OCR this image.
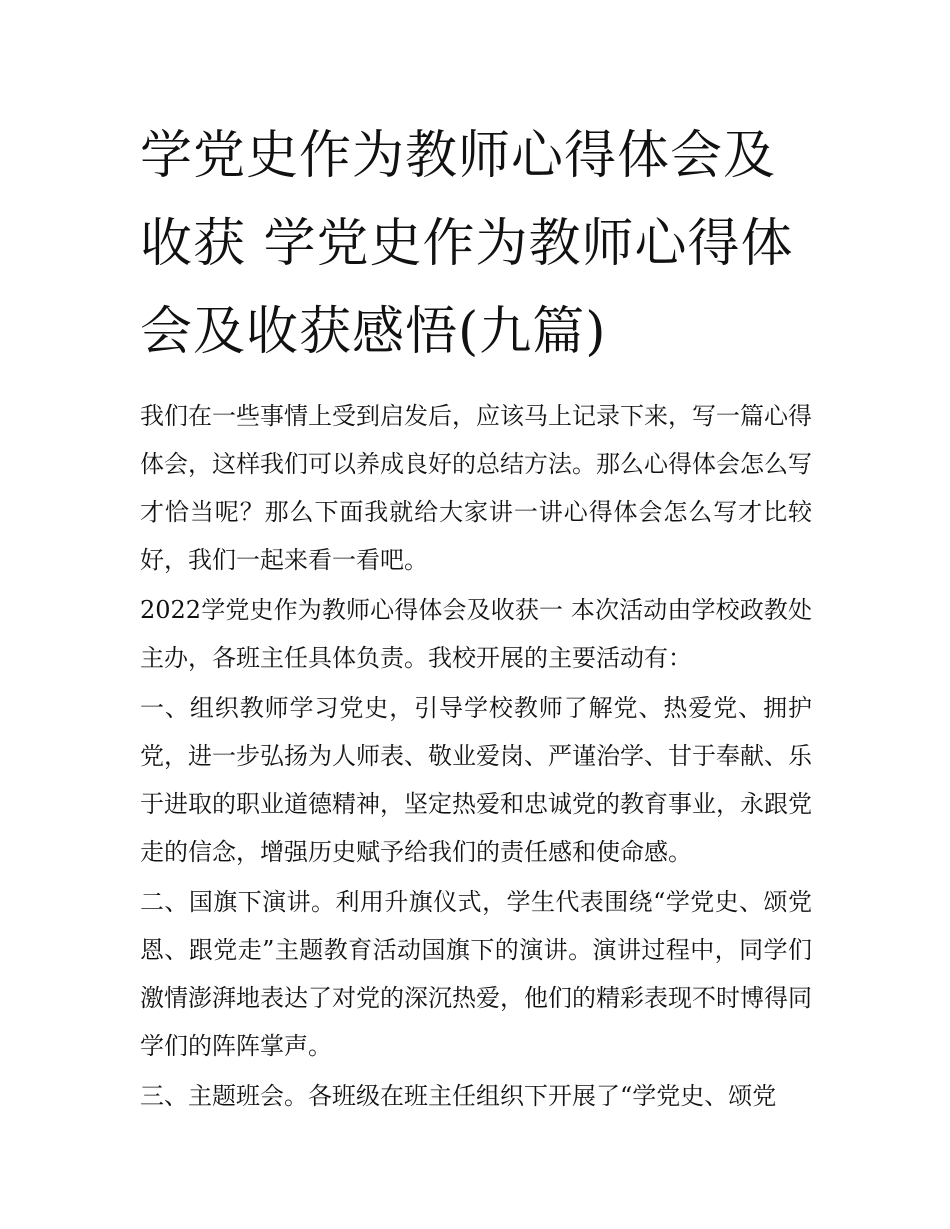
学党史作为教师心得体会及收获 学党史作为教师心得体会及收获感悟(九篇)

我们在一些事情上受到启发后，应该马上记录下来，写一篇心得体会，这样我们可以养成良好的总结方法。那么心得体会怎么写才恰当呢？那么下面我就给大家讲一讲心得体会怎么写才比较好，我们一起来看一看吧。

2022学党史作为教师心得体会及收获一 本次活动由学校政教处主办，各班主任具体负责。我校开展的主要活动有：

一、组织教师学习党史，引导学校教师了解党、热爱党、拥护党，进一步弘扬为人师表、敬业爱岗、严谨治学、甘于奉献、乐于进取的职业道德精神，坚定热爱和忠诚党的教育事业，永跟党走的信念，增强历史赋予给我们的责任感和使命感。

二、国旗下演讲。利用升旗仪式，学生代表围绕“学党史、颂党恩、跟党走”主题教育活动国旗下的演讲。演讲过程中，同学们激情澎湃地表达了对党的深沉热爱，他们的精彩表现不时博得同学们的阵阵掌声。

三、主题班会。各班级在班主任组织下开展了“学党史、颂党
